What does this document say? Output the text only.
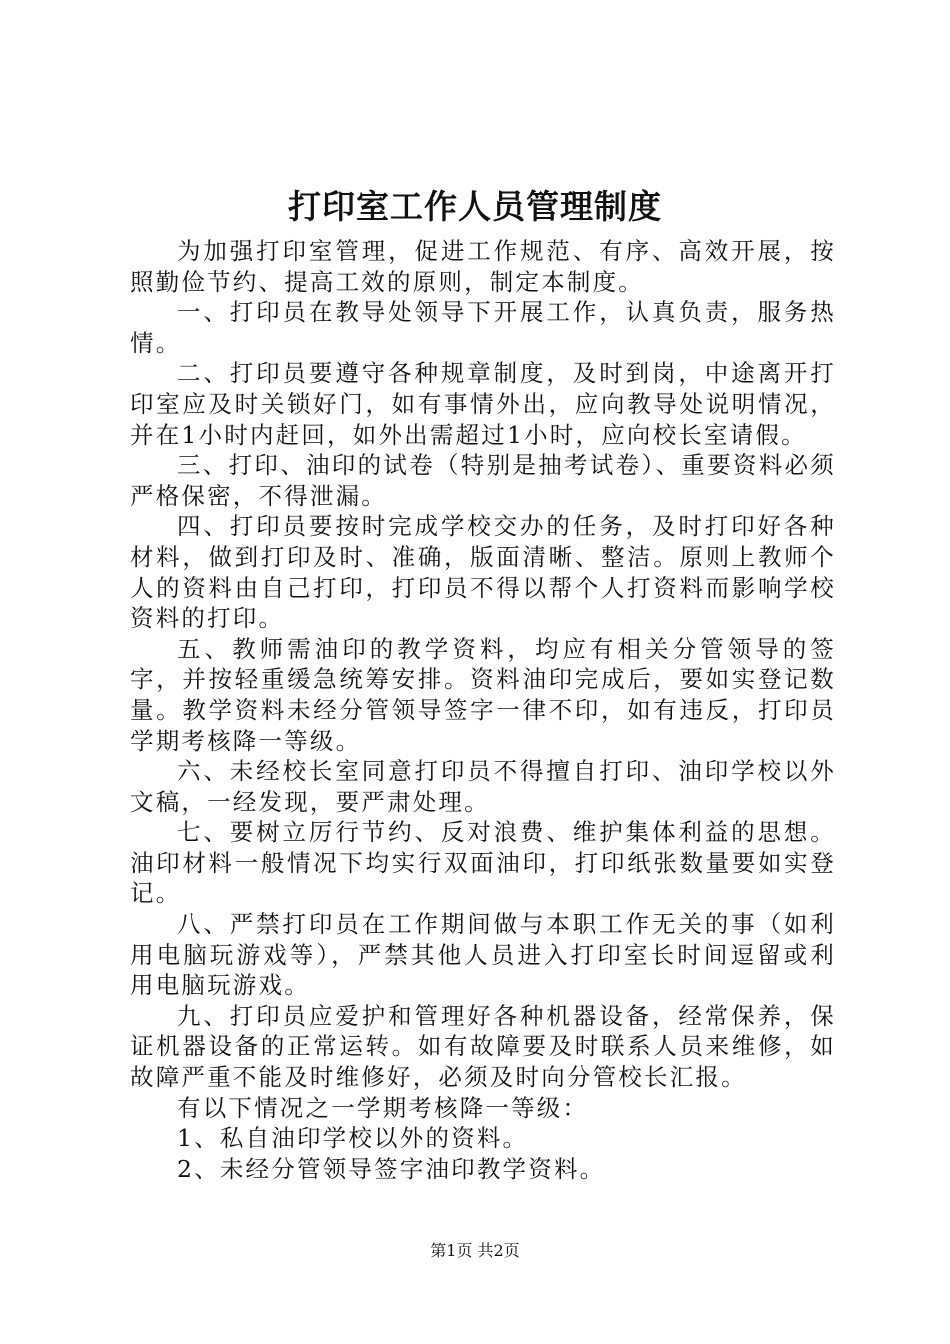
打印室工作人员管理制度

为加强打印室管理，促进工作规范、有序、高效开展，按照勤俭节约、提高工效的原则，制定本制度。

一、打印员在教导处领导下开展工作，认真负责，服务热情。

二、打印员要遵守各种规章制度，及时到岗，中途离开打印室应及时关锁好门，如有事情外出，应向教导处说明情况，并在1小时内赶回，如外出需超过1小时，应向校长室请假。

三、打印、油印的试卷（特别是抽考试卷）、重要资料必须严格保密，不得泄漏。

四、打印员要按时完成学校交办的任务，及时打印好各种材料，做到打印及时、准确，版面清晰、整洁。原则上教师个人的资料由自己打印，打印员不得以帮个人打资料而影响学校资料的打印。

五、教师需油印的教学资料，均应有相关分管领导的签字，并按轻重缓急统筹安排。资料油印完成后，要如实登记数量。教学资料未经分管领导签字一律不印，如有违反，打印员学期考核降一等级。

六、未经校长室同意打印员不得擅自打印、油印学校以外文稿，一经发现，要严肃处理。

七、要树立厉行节约、反对浪费、维护集体利益的思想。油印材料一般情况下均实行双面油印，打印纸张数量要如实登记。

八、严禁打印员在工作期间做与本职工作无关的事（如利用电脑玩游戏等），严禁其他人员进入打印室长时间逗留或利用电脑玩游戏。

九、打印员应爱护和管理好各种机器设备，经常保养，保证机器设备的正常运转。如有故障要及时联系人员来维修，如故障严重不能及时维修好，必须及时向分管校长汇报。

有以下情况之一学期考核降一等级：

1、私自油印学校以外的资料。

2、未经分管领导签字油印教学资料。

第1页 共2页
